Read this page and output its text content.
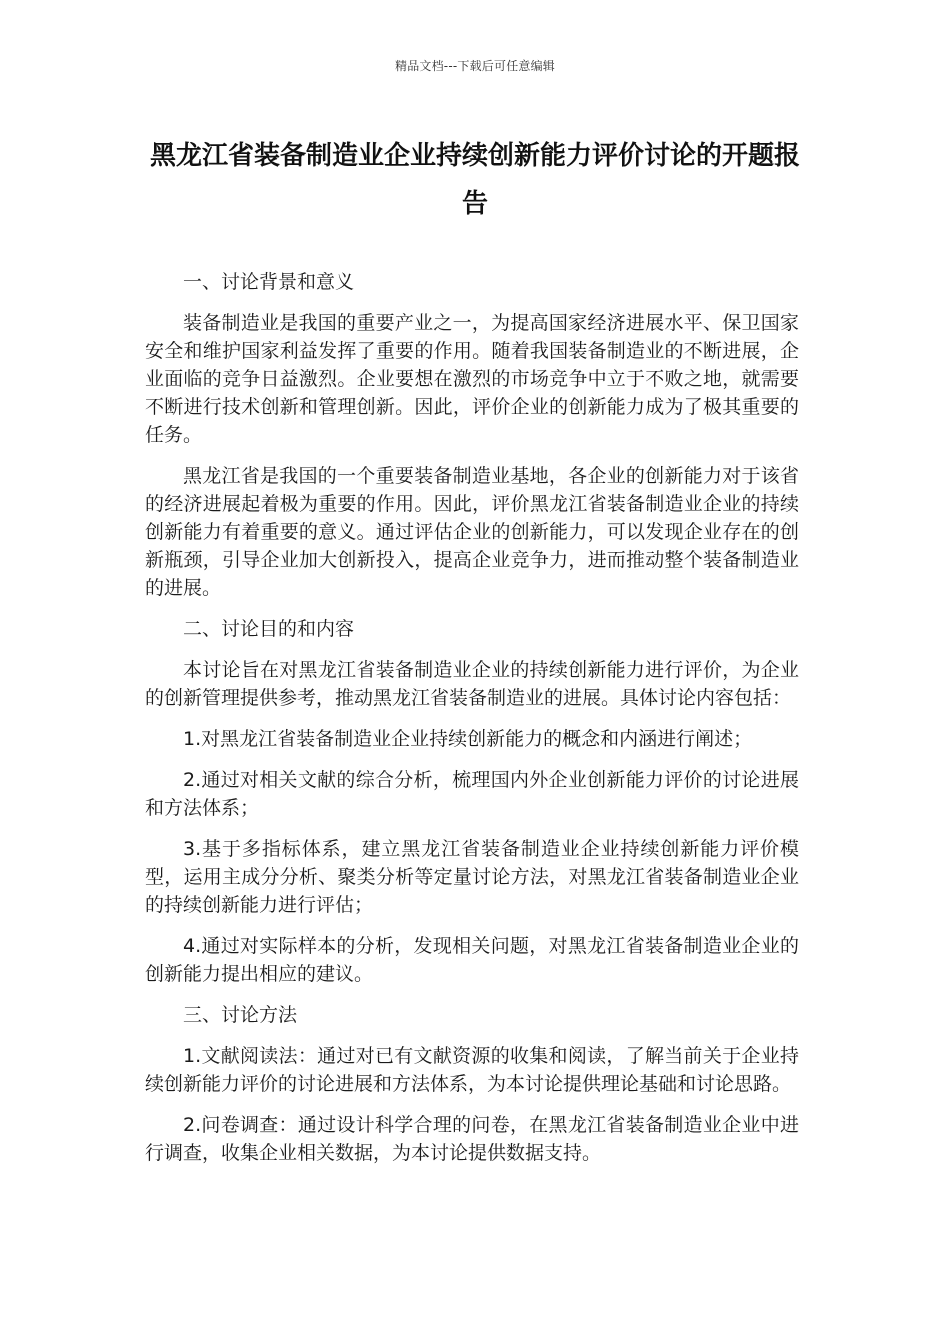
精品文档---下载后可任意编辑
黑龙江省装备制造业企业持续创新能力评价讨论的开题报告

一、讨论背景和意义

装备制造业是我国的重要产业之一，为提高国家经济进展水平、保卫国家安全和维护国家利益发挥了重要的作用。随着我国装备制造业的不断进展，企业面临的竞争日益激烈。企业要想在激烈的市场竞争中立于不败之地，就需要不断进行技术创新和管理创新。因此，评价企业的创新能力成为了极其重要的任务。

黑龙江省是我国的一个重要装备制造业基地，各企业的创新能力对于该省的经济进展起着极为重要的作用。因此，评价黑龙江省装备制造业企业的持续创新能力有着重要的意义。通过评估企业的创新能力，可以发现企业存在的创新瓶颈，引导企业加大创新投入，提高企业竞争力，进而推动整个装备制造业的进展。

二、讨论目的和内容

本讨论旨在对黑龙江省装备制造业企业的持续创新能力进行评价，为企业的创新管理提供参考，推动黑龙江省装备制造业的进展。具体讨论内容包括：

1.对黑龙江省装备制造业企业持续创新能力的概念和内涵进行阐述；

2.通过对相关文献的综合分析，梳理国内外企业创新能力评价的讨论进展和方法体系；

3.基于多指标体系，建立黑龙江省装备制造业企业持续创新能力评价模型，运用主成分分析、聚类分析等定量讨论方法，对黑龙江省装备制造业企业的持续创新能力进行评估；

4.通过对实际样本的分析，发现相关问题，对黑龙江省装备制造业企业的创新能力提出相应的建议。

三、讨论方法

1.文献阅读法：通过对已有文献资源的收集和阅读，了解当前关于企业持续创新能力评价的讨论进展和方法体系，为本讨论提供理论基础和讨论思路。

2.问卷调查：通过设计科学合理的问卷，在黑龙江省装备制造业企业中进行调查，收集企业相关数据，为本讨论提供数据支持。
